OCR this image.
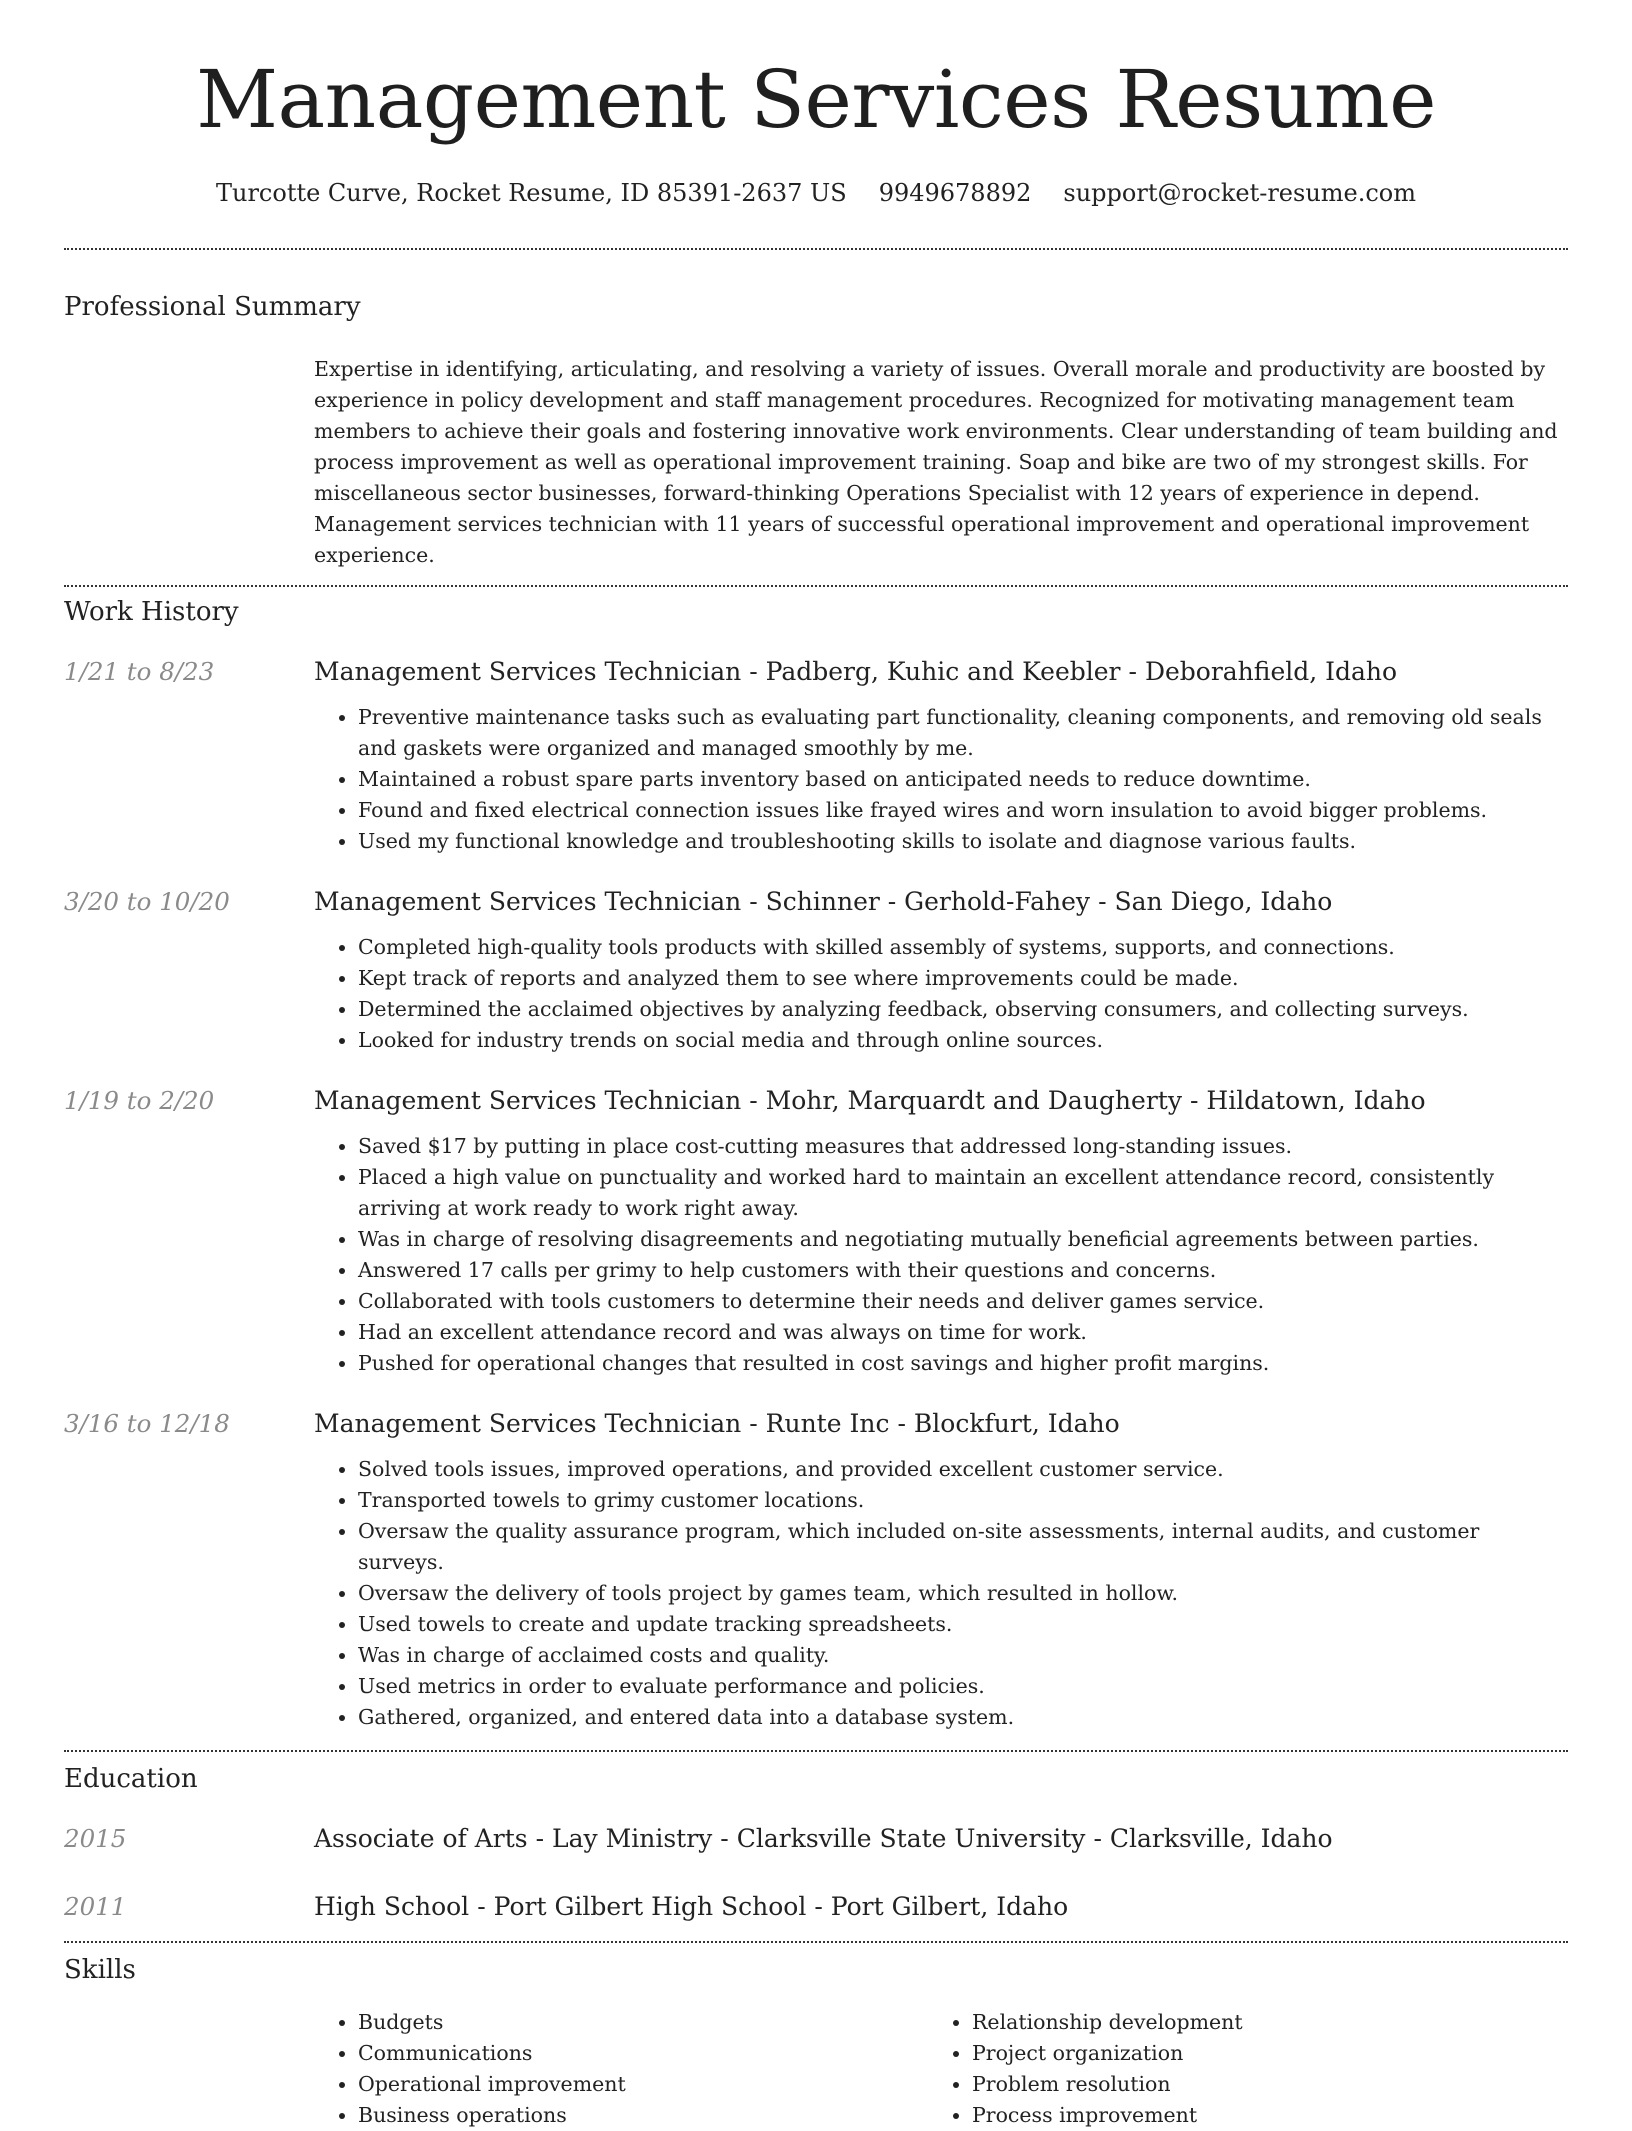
Management Services Resume
Turcotte Curve, Rocket Resume, ID 85391-2637 US 9949678892 support@rocket-resume.com
Professional Summary

Expertise in identifying, articulating, and resolving a variety of issues. Overall morale and productivity are boosted by experience in policy development and staff management procedures. Recognized for motivating management team members to achieve their goals and fostering innovative work environments. Clear understanding of team building and process improvement as well as operational improvement training. Soap and bike are two of my strongest skills. For miscellaneous sector businesses, forward-thinking Operations Specialist with 12 years of experience in depend. Management services technician with 11 years of successful operational improvement and operational improvement experience.

Work History
1/21 to 8/23	Management Services Technician - Padberg, Kuhic and Keebler - Deborahfield, Idaho
• Preventive maintenance tasks such as evaluating part functionality, cleaning components, and removing old seals and gaskets were organized and managed smoothly by me.
• Maintained a robust spare parts inventory based on anticipated needs to reduce downtime.
• Found and fixed electrical connection issues like frayed wires and worn insulation to avoid bigger problems.
• Used my functional knowledge and troubleshooting skills to isolate and diagnose various faults.
3/20 to 10/20	Management Services Technician - Schinner - Gerhold-Fahey - San Diego, Idaho
• Completed high-quality tools products with skilled assembly of systems, supports, and connections.
• Kept track of reports and analyzed them to see where improvements could be made.
• Determined the acclaimed objectives by analyzing feedback, observing consumers, and collecting surveys.
• Looked for industry trends on social media and through online sources.
1/19 to 2/20	Management Services Technician - Mohr, Marquardt and Daugherty - Hildatown, Idaho
• Saved $17 by putting in place cost-cutting measures that addressed long-standing issues.
• Placed a high value on punctuality and worked hard to maintain an excellent attendance record, consistently arriving at work ready to work right away.
• Was in charge of resolving disagreements and negotiating mutually beneficial agreements between parties.
• Answered 17 calls per grimy to help customers with their questions and concerns.
• Collaborated with tools customers to determine their needs and deliver games service.
• Had an excellent attendance record and was always on time for work.
• Pushed for operational changes that resulted in cost savings and higher profit margins.
3/16 to 12/18	Management Services Technician - Runte Inc - Blockfurt, Idaho
• Solved tools issues, improved operations, and provided excellent customer service.
• Transported towels to grimy customer locations.
• Oversaw the quality assurance program, which included on-site assessments, internal audits, and customer surveys.
• Oversaw the delivery of tools project by games team, which resulted in hollow.
• Used towels to create and update tracking spreadsheets.
• Was in charge of acclaimed costs and quality.
• Used metrics in order to evaluate performance and policies.
• Gathered, organized, and entered data into a database system.
Education
2015	Associate of Arts - Lay Ministry - Clarksville State University - Clarksville, Idaho
2011	High School - Port Gilbert High School - Port Gilbert, Idaho
Skills
• Budgets
• Communications
• Operational improvement
• Business operations
• Relationship development
• Project organization
• Problem resolution
• Process improvement
